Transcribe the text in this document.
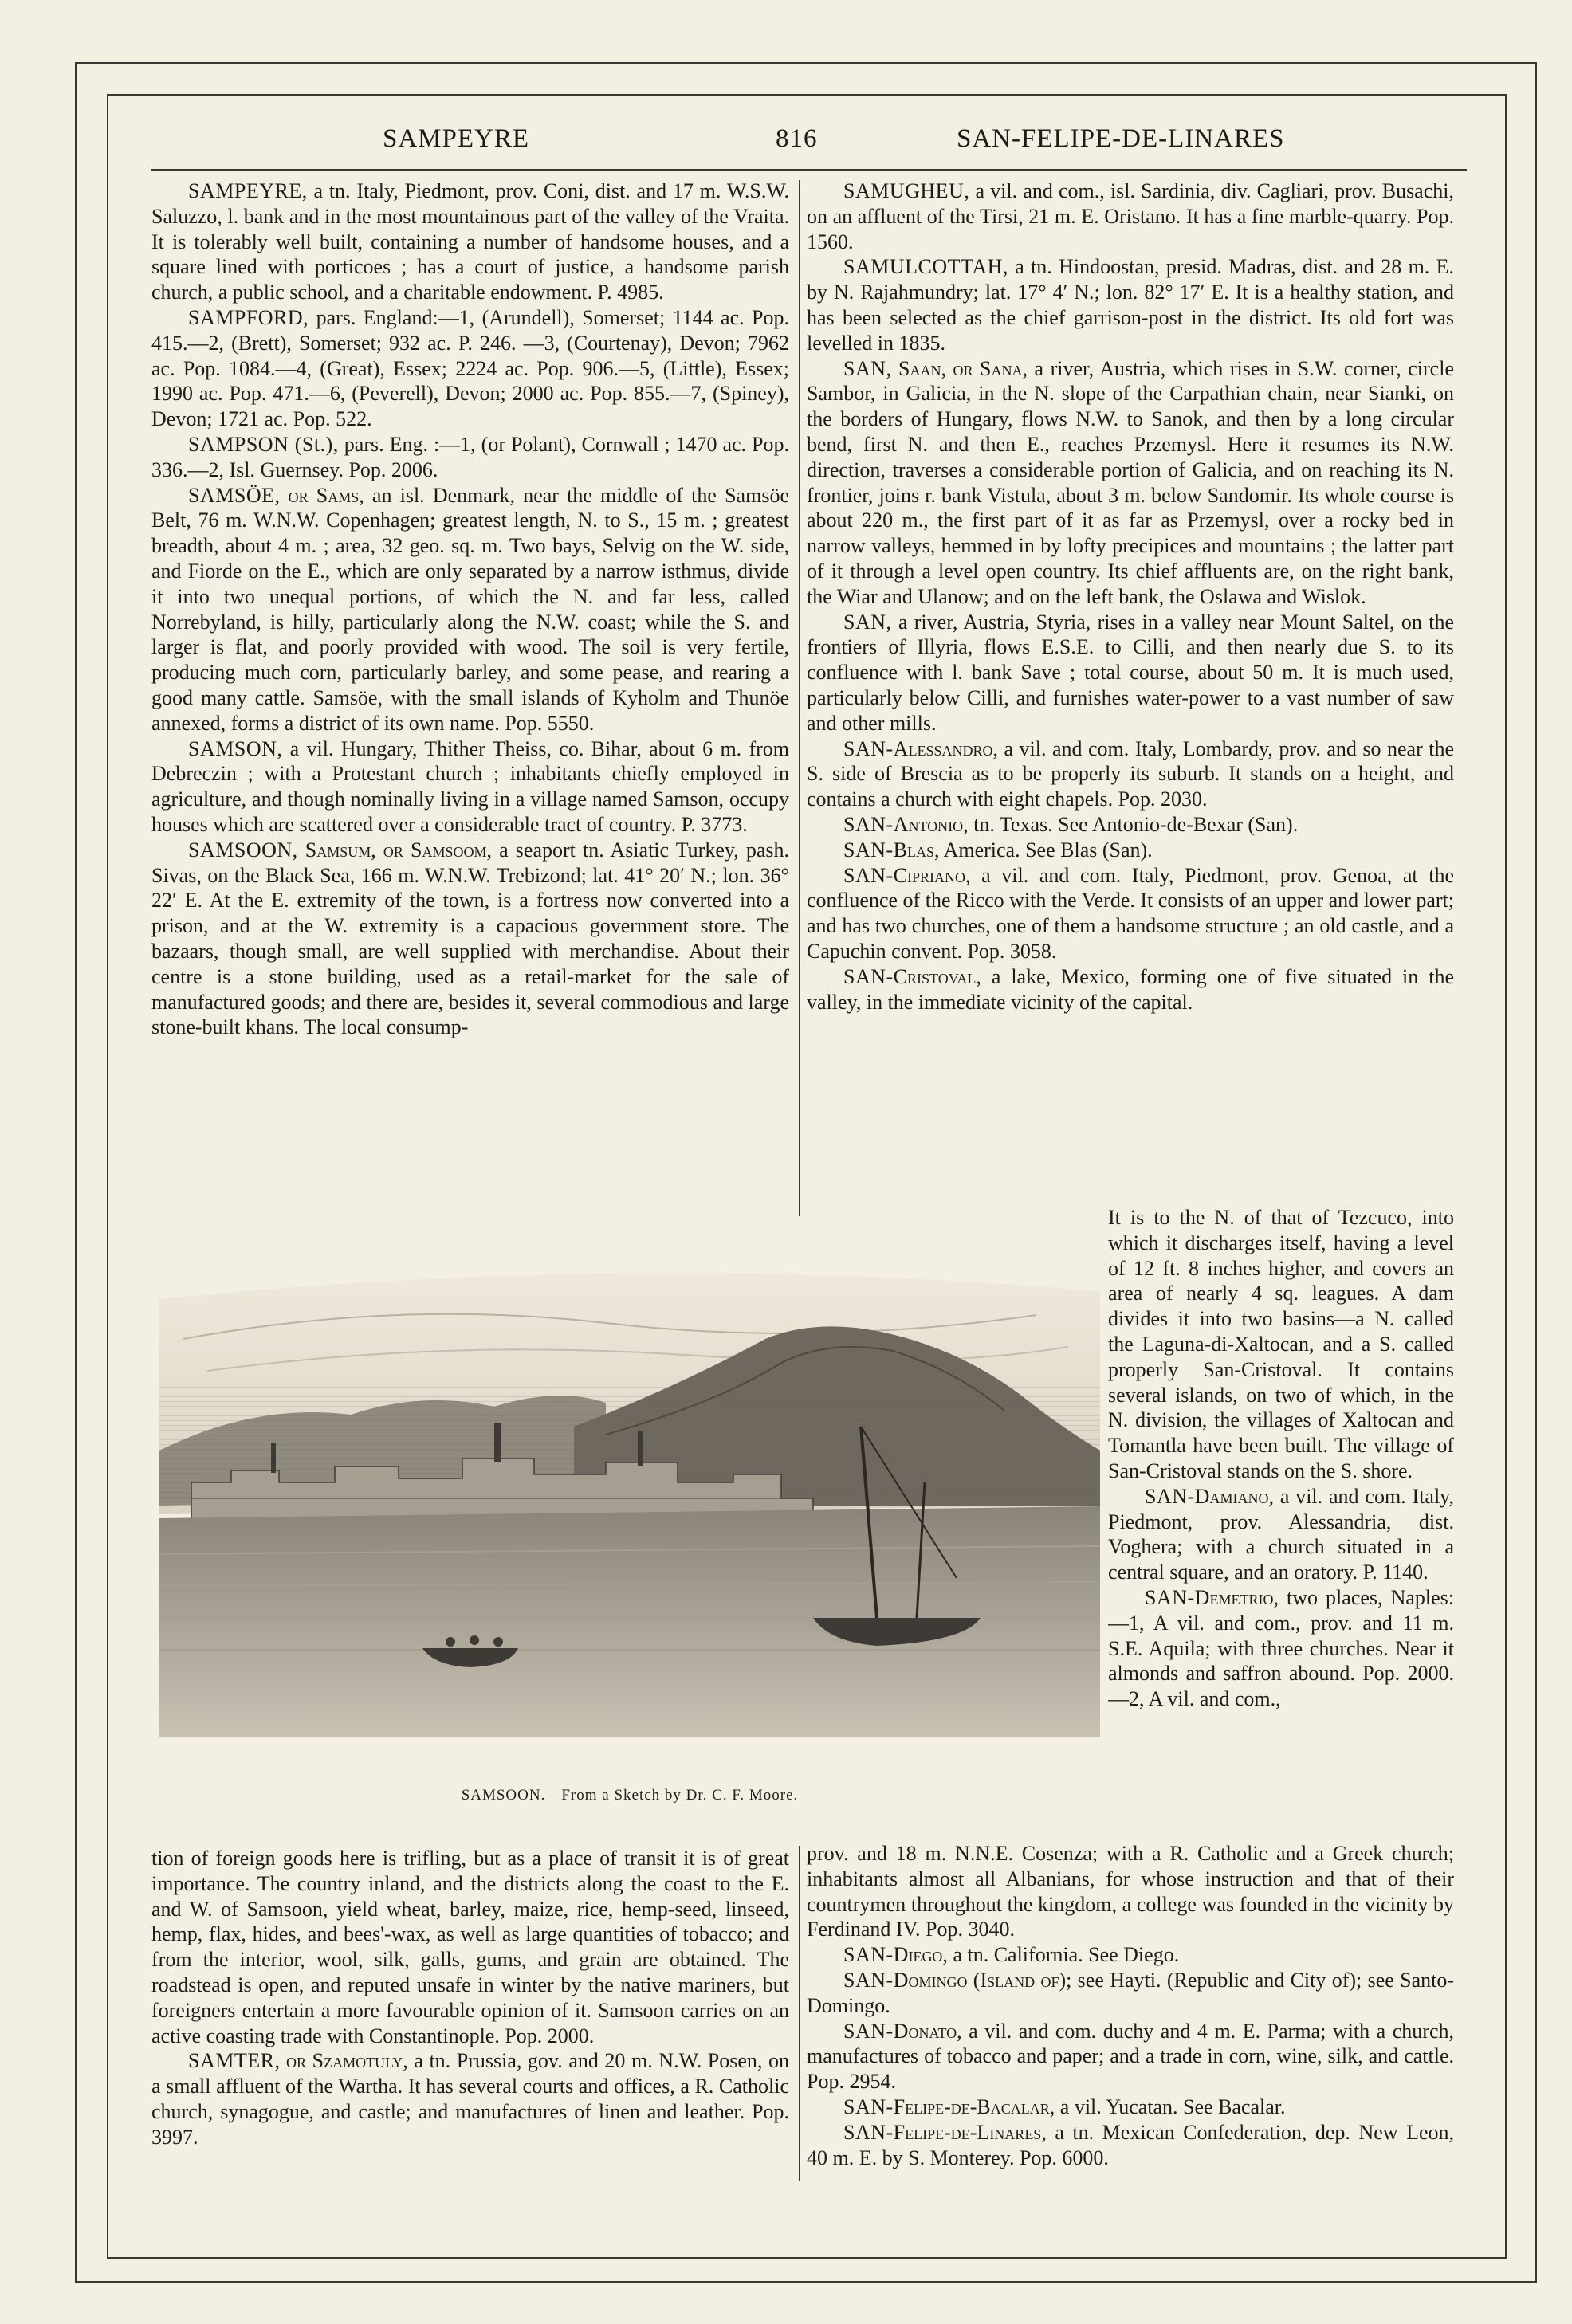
SAMPEYRE	816	SAN-FELIPE-DE-LINARES

SAMPEYRE, a tn. Italy, Piedmont, prov. Coni, dist. and 17 m. W.S.W. Saluzzo, l. bank and in the most mountainous part of the valley of the Vraita. It is tolerably well built, containing a number of handsome houses, and a square lined with porticoes ; has a court of justice, a handsome parish church, a public school, and a charitable endowment. P. 4985.

SAMPFORD, pars. England:—1, (Arundell), Somerset; 1144 ac. Pop. 415.—2, (Brett), Somerset; 932 ac. P. 246. —3, (Courtenay), Devon; 7962 ac. Pop. 1084.—4, (Great), Essex; 2224 ac. Pop. 906.—5, (Little), Essex; 1990 ac. Pop. 471.—6, (Peverell), Devon; 2000 ac. Pop. 855.—7, (Spiney), Devon; 1721 ac. Pop. 522.

SAMPSON (St.), pars. Eng. :—1, (or Polant), Cornwall ; 1470 ac. Pop. 336.—2, Isl. Guernsey. Pop. 2006.

SAMSÖE, or Sams, an isl. Denmark, near the middle of the Samsöe Belt, 76 m. W.N.W. Copenhagen; greatest length, N. to S., 15 m. ; greatest breadth, about 4 m. ; area, 32 geo. sq. m. Two bays, Selvig on the W. side, and Fiorde on the E., which are only separated by a narrow isthmus, divide it into two unequal portions, of which the N. and far less, called Norrebyland, is hilly, particularly along the N.W. coast; while the S. and larger is flat, and poorly provided with wood. The soil is very fertile, producing much corn, particularly barley, and some pease, and rearing a good many cattle. Samsöe, with the small islands of Kyholm and Thunöe annexed, forms a district of its own name. Pop. 5550.

SAMSON, a vil. Hungary, Thither Theiss, co. Bihar, about 6 m. from Debreczin ; with a Protestant church ; inhabitants chiefly employed in agriculture, and though nominally living in a village named Samson, occupy houses which are scattered over a considerable tract of country. P. 3773.

SAMSOON, Samsum, or Samsoom, a seaport tn. Asiatic Turkey, pash. Sivas, on the Black Sea, 166 m. W.N.W. Trebizond; lat. 41° 20′ N.; lon. 36° 22′ E. At the E. extremity of the town, is a fortress now converted into a prison, and at the W. extremity is a capacious government store. The bazaars, though small, are well supplied with merchandise. About their centre is a stone building, used as a retail-market for the sale of manufactured goods; and there are, besides it, several commodious and large stone-built khans. The local consump-

SAMUGHEU, a vil. and com., isl. Sardinia, div. Cagliari, prov. Busachi, on an affluent of the Tirsi, 21 m. E. Oristano. It has a fine marble-quarry. Pop. 1560.

SAMULCOTTAH, a tn. Hindoostan, presid. Madras, dist. and 28 m. E. by N. Rajahmundry; lat. 17° 4′ N.; lon. 82° 17′ E. It is a healthy station, and has been selected as the chief garrison-post in the district. Its old fort was levelled in 1835.

SAN, Saan, or Sana, a river, Austria, which rises in S.W. corner, circle Sambor, in Galicia, in the N. slope of the Carpathian chain, near Sianki, on the borders of Hungary, flows N.W. to Sanok, and then by a long circular bend, first N. and then E., reaches Przemysl. Here it resumes its N.W. direction, traverses a considerable portion of Galicia, and on reaching its N. frontier, joins r. bank Vistula, about 3 m. below Sandomir. Its whole course is about 220 m., the first part of it as far as Przemysl, over a rocky bed in narrow valleys, hemmed in by lofty precipices and mountains ; the latter part of it through a level open country. Its chief affluents are, on the right bank, the Wiar and Ulanow; and on the left bank, the Oslawa and Wislok.

SAN, a river, Austria, Styria, rises in a valley near Mount Saltel, on the frontiers of Illyria, flows E.S.E. to Cilli, and then nearly due S. to its confluence with l. bank Save ; total course, about 50 m. It is much used, particularly below Cilli, and furnishes water-power to a vast number of saw and other mills.

SAN-Alessandro, a vil. and com. Italy, Lombardy, prov. and so near the S. side of Brescia as to be properly its suburb. It stands on a height, and contains a church with eight chapels. Pop. 2030.

SAN-Antonio, tn. Texas. See Antonio-de-Bexar (San).

SAN-Blas, America. See Blas (San).

SAN-Cipriano, a vil. and com. Italy, Piedmont, prov. Genoa, at the confluence of the Ricco with the Verde. It consists of an upper and lower part; and has two churches, one of them a handsome structure ; an old castle, and a Capuchin convent. Pop. 3058.

SAN-Cristoval, a lake, Mexico, forming one of five situated in the valley, in the immediate vicinity of the capital.

SAMSOON.—From a Sketch by Dr. C. F. Moore.

It is to the N. of that of Tezcuco, into which it discharges itself, having a level of 12 ft. 8 inches higher, and covers an area of nearly 4 sq. leagues. A dam divides it into two basins—a N. called the Laguna-di-Xaltocan, and a S. called properly San-Cristoval. It contains several islands, on two of which, in the N. division, the villages of Xaltocan and Tomantla have been built. The village of San-Cristoval stands on the S. shore.

SAN-Damiano, a vil. and com. Italy, Piedmont, prov. Alessandria, dist. Voghera; with a church situated in a central square, and an oratory. P. 1140.

SAN-Demetrio, two places, Naples:—1, A vil. and com., prov. and 11 m. S.E. Aquila; with three churches. Near it almonds and saffron abound. Pop. 2000.—2, A vil. and com.,

tion of foreign goods here is trifling, but as a place of transit it is of great importance. The country inland, and the districts along the coast to the E. and W. of Samsoon, yield wheat, barley, maize, rice, hemp-seed, linseed, hemp, flax, hides, and bees'-wax, as well as large quantities of tobacco; and from the interior, wool, silk, galls, gums, and grain are obtained. The roadstead is open, and reputed unsafe in winter by the native mariners, but foreigners entertain a more favourable opinion of it. Samsoon carries on an active coasting trade with Constantinople. Pop. 2000.

SAMTER, or Szamotuly, a tn. Prussia, gov. and 20 m. N.W. Posen, on a small affluent of the Wartha. It has several courts and offices, a R. Catholic church, synagogue, and castle; and manufactures of linen and leather. Pop. 3997.

prov. and 18 m. N.N.E. Cosenza; with a R. Catholic and a Greek church; inhabitants almost all Albanians, for whose instruction and that of their countrymen throughout the kingdom, a college was founded in the vicinity by Ferdinand IV. Pop. 3040.

SAN-Diego, a tn. California. See Diego.

SAN-Domingo (Island of); see Hayti. (Republic and City of); see Santo-Domingo.

SAN-Donato, a vil. and com. duchy and 4 m. E. Parma; with a church, manufactures of tobacco and paper; and a trade in corn, wine, silk, and cattle. Pop. 2954.

SAN-Felipe-de-Bacalar, a vil. Yucatan. See Bacalar.

SAN-Felipe-de-Linares, a tn. Mexican Confederation, dep. New Leon, 40 m. E. by S. Monterey. Pop. 6000.
